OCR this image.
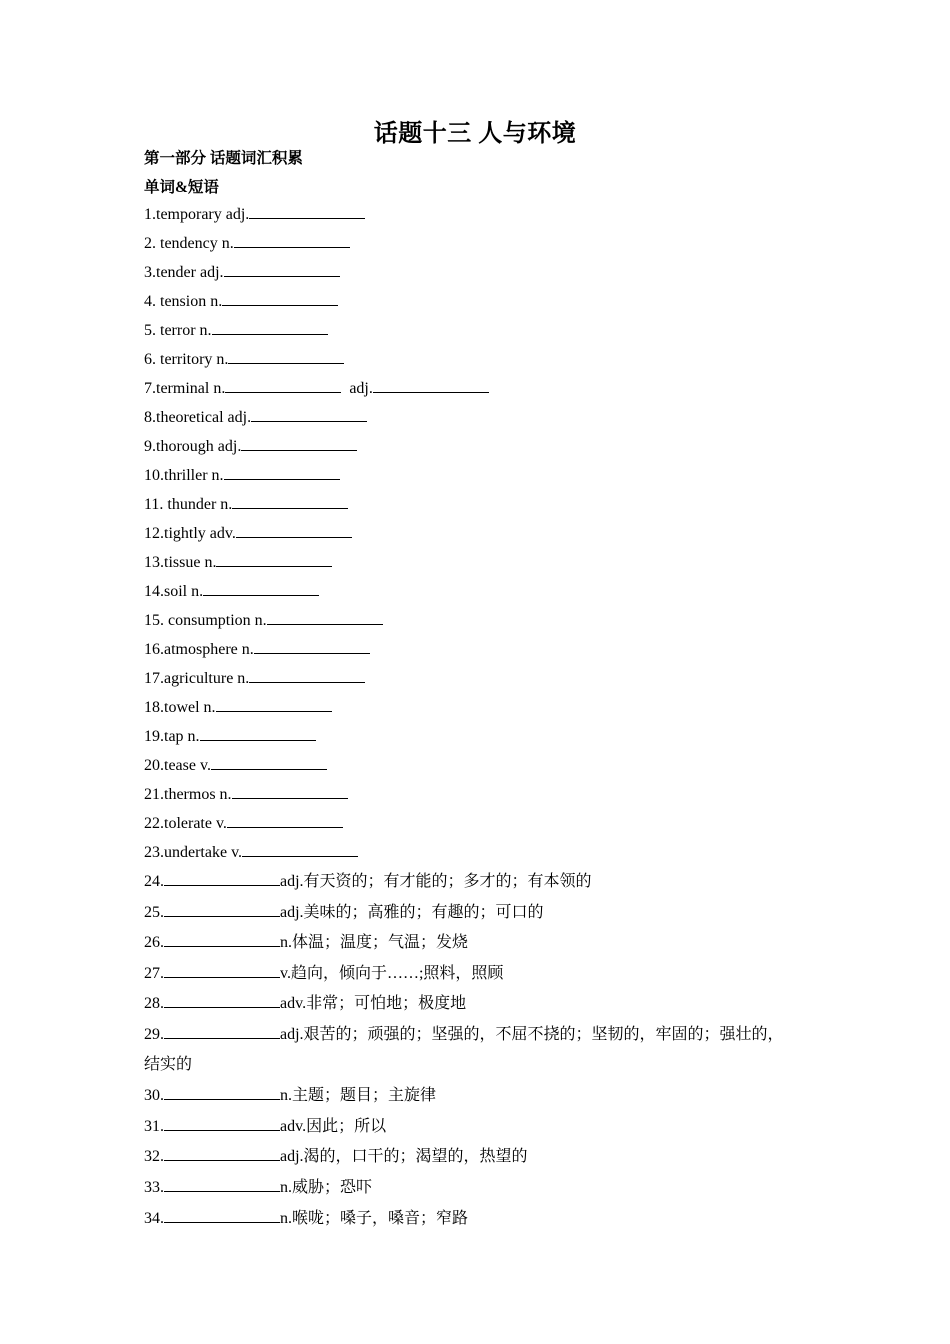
话题十三 人与环境
第一部分 话题词汇积累
单词&短语
1.temporary adj.
2. tendency n.
3.tender adj.
4. tension n.
5. terror n.
6. territory n.
7.terminal n.	adj.
8.theoretical adj.
9.thorough adj.
10.thriller n.
11. thunder n.
12.tightly adv.
13.tissue n.
14.soil n.
15. consumption n.
16.atmosphere n.
17.agriculture n.
18.towel n.
19.tap n.
20.tease v.
21.thermos n.
22.tolerate v.
23.undertake v.
24.	adj.有天资的；有才能的；多才的；有本领的
25.	adj.美味的；高雅的；有趣的；可口的
26.	n.体温；温度；气温；发烧
27.	v.趋向，倾向于……;照料，照顾
28.	adv.非常；可怕地；极度地
29.	adj.艰苦的；顽强的；坚强的，不屈不挠的；坚韧的，牢固的；强壮的，
结实的
30.	n.主题；题目；主旋律
31.	adv.因此；所以
32.	adj.渴的，口干的；渴望的，热望的
33.	n.威胁；恐吓
34.	n.喉咙；嗓子，嗓音；窄路
